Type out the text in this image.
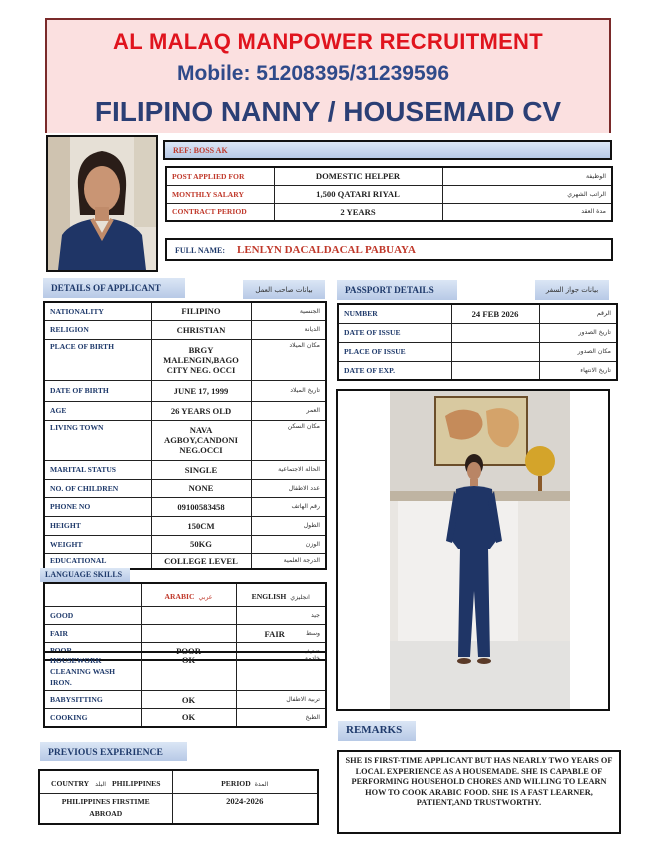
AL MALAQ MANPOWER RECRUITMENT
Mobile: 51208395/31239596
FILIPINO NANNY / HOUSEMAID CV
REF: BOSS AK
POST APPLIED FOR	DOMESTIC HELPER	الوظيفة
MONTHLY SALARY	1,500 QATARI RIYAL	الراتب الشهري
CONTRACT PERIOD	2 YEARS	مدة العقد
FULL NAME: LENLYN DACALDACAL PABUAYA
DETAILS OF APPLICANT	بيانات صاحب العمل
NATIONALITY	FILIPINO	الجنسية
RELIGION	CHRISTIAN	الديانة
PLACE OF BIRTH	BRGY MALENGIN,BAGO CITY NEG. OCCI	مكان الميلاد
DATE OF BIRTH	JUNE 17, 1999	تاريخ الميلاد
AGE	26 YEARS OLD	العمر
LIVING TOWN	NAVA AGBOY,CANDONI NEG.OCCI	مكان السكن
MARITAL STATUS	SINGLE	الحالة الاجتماعية
NO. OF CHILDREN	NONE	عدد الاطفال
PHONE NO	09100583458	رقم الهاتف
HEIGHT	150CM	الطول
WEIGHT	50KG	الوزن
EDUCATIONAL	COLLEGE LEVEL	الدرجة العلمية
LANGUAGE SKILLS
	ARABIC عربي	ENGLISH انجليزي
GOOD		جيد

FAIR		FAIR وسط

POOR	POOR	ضعيف
HOUSEWORK CLEANING WASH IRON.	OK	خادمة
BABYSITTING	OK	تربية الاطفال
COOKING	OK	الطبخ
PREVIOUS EXPERIENCE
COUNTRY البلد PHILIPPINES	PERIOD المدة
PHILIPPINES FIRSTIME ABROAD	2024-2026
PASSPORT DETAILS	بيانات جواز السفر
NUMBER	24 FEB 2026	الرقم
DATE OF ISSUE		تاريخ الصدور
PLACE OF ISSUE		مكان الصدور
DATE OF EXP.		تاريخ الانتهاء
REMARKS
SHE IS FIRST-TIME APPLICANT BUT HAS NEARLY TWO YEARS OF LOCAL EXPERIENCE AS A HOUSEMADE. SHE IS CAPABLE OF PERFORMING HOUSEHOLD CHORES AND WILLING TO LEARN HOW TO COOK ARABIC FOOD. SHE IS A FAST LEARNER, PATIENT,AND TRUSTWORTHY.
